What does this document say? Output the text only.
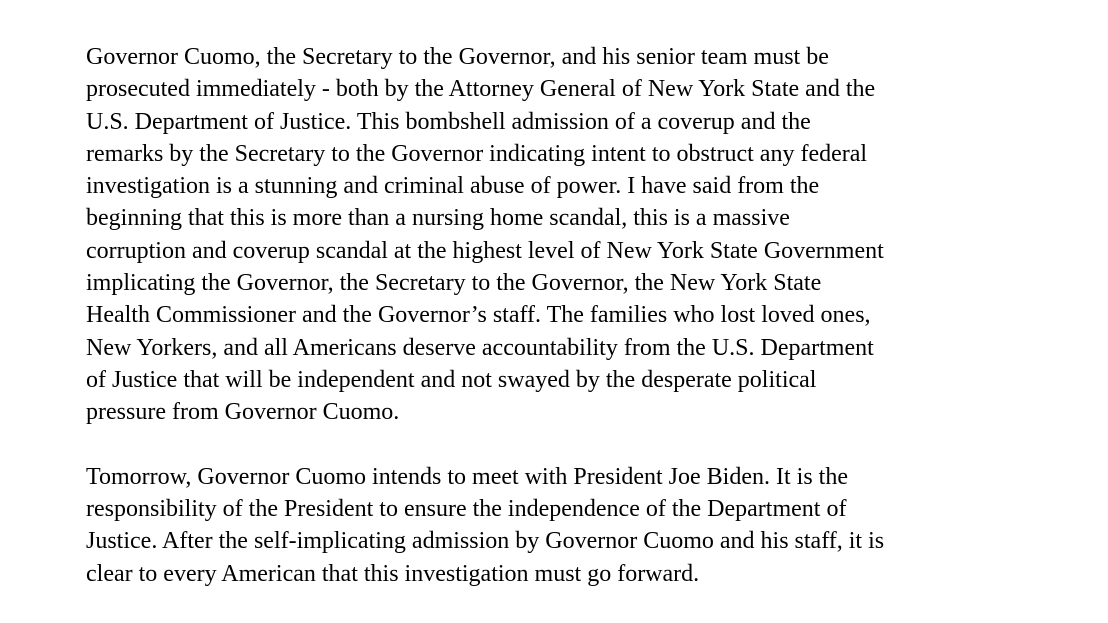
Governor Cuomo, the Secretary to the Governor, and his senior team must be

prosecuted immediately - both by the Attorney General of New York State and the

U.S. Department of Justice. This bombshell admission of a coverup and the

remarks by the Secretary to the Governor indicating intent to obstruct any federal

investigation is a stunning and criminal abuse of power. I have said from the

beginning that this is more than a nursing home scandal, this is a massive

corruption and coverup scandal at the highest level of New York State Government

implicating the Governor, the Secretary to the Governor, the New York State

Health Commissioner and the Governor’s staff. The families who lost loved ones,

New Yorkers, and all Americans deserve accountability from the U.S. Department

of Justice that will be independent and not swayed by the desperate political

pressure from Governor Cuomo.

Tomorrow, Governor Cuomo intends to meet with President Joe Biden. It is the

responsibility of the President to ensure the independence of the Department of

Justice. After the self-implicating admission by Governor Cuomo and his staff, it is

clear to every American that this investigation must go forward.
